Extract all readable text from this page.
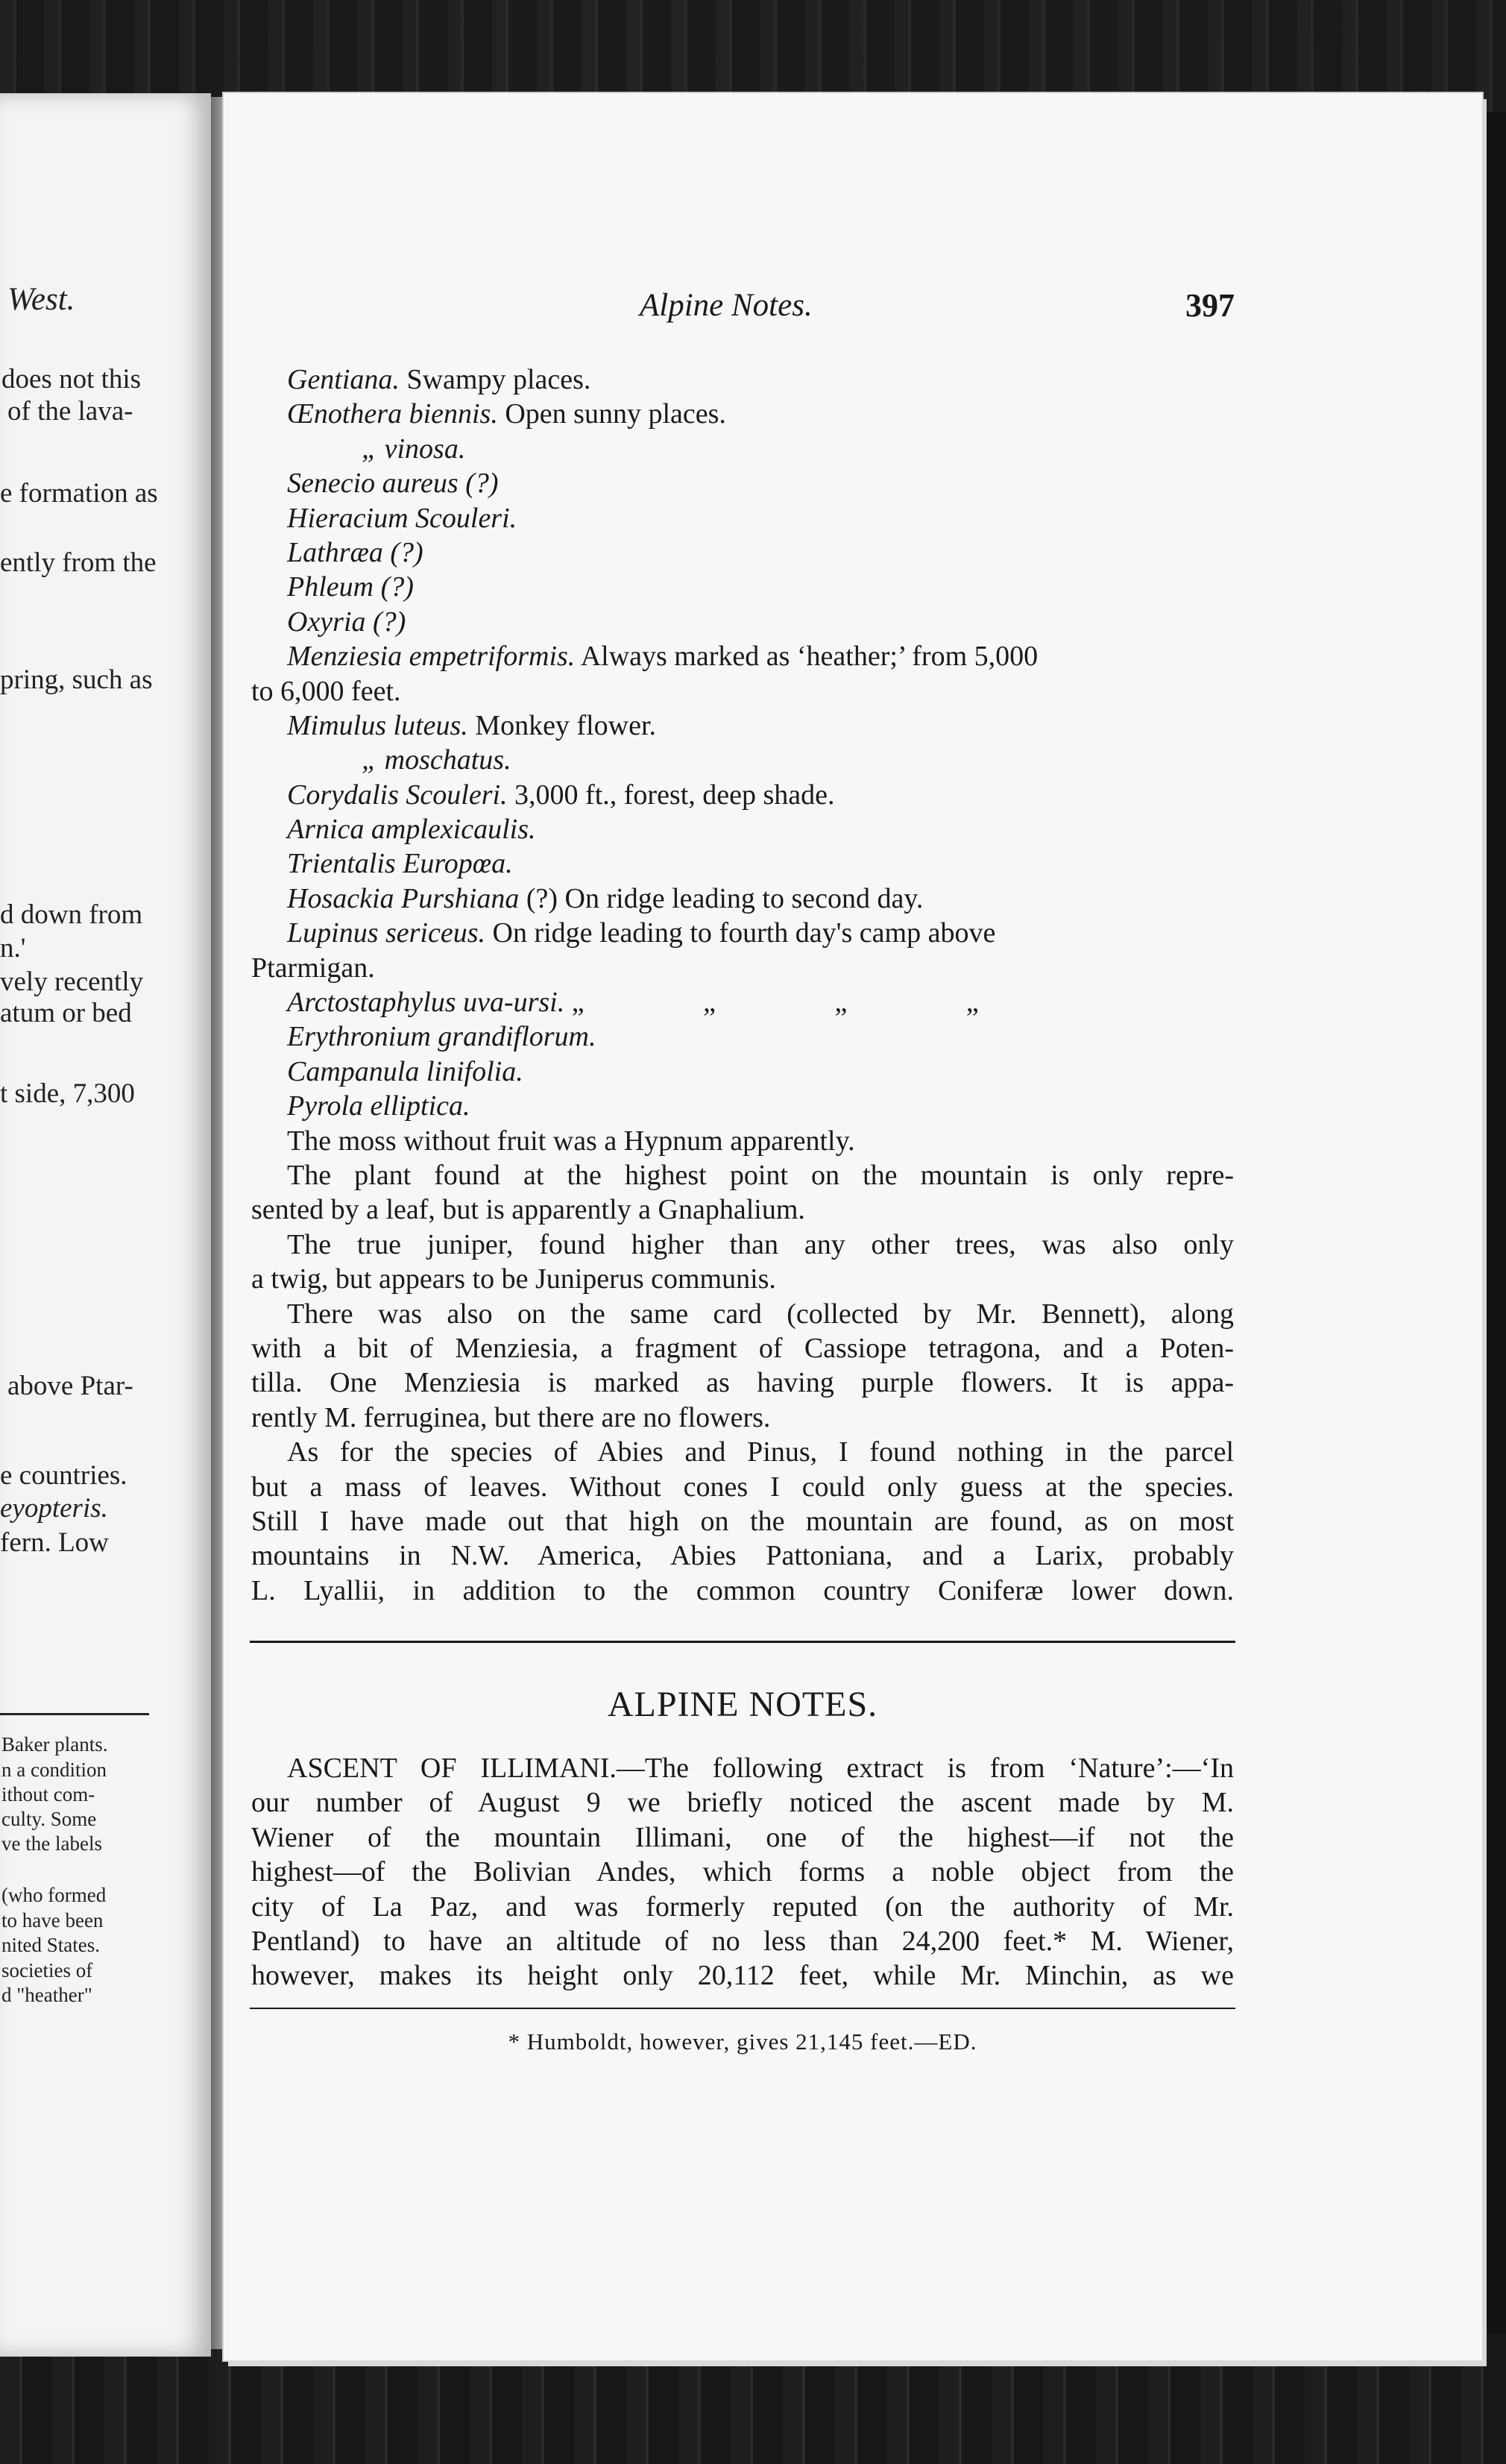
West.
does not this
of the lava-
e formation as
ently from the
pring, such as
d down from
n.'
vely recently
atum or bed
t side, 7,300
above Ptar-
e countries.
eyopteris.
fern. Low
Baker plants.
n a condition
ithout com-
culty. Some
ve the labels
(who formed
to have been
nited States.
societies of
d "heather"
Alpine Notes.	397
Gentiana. Swampy places.
Œnothera biennis. Open sunny places.
„ vinosa.
Senecio aureus (?)
Hieracium Scouleri.
Lathræa (?)
Phleum (?)
Oxyria (?)
Menziesia empetriformis. Always marked as ‘heather;’ from 5,000
to 6,000 feet.
Mimulus luteus. Monkey flower.
„ moschatus.
Corydalis Scouleri. 3,000 ft., forest, deep shade.
Arnica amplexicaulis.
Trientalis Europœa.
Hosackia Purshiana (?) On ridge leading to second day.
Lupinus sericeus. On ridge leading to fourth day's camp above
Ptarmigan.
Arctostaphylus uva-ursi. „ „ „ „
Erythronium grandiflorum.
Campanula linifolia.
Pyrola elliptica.
The moss without fruit was a Hypnum apparently.
The plant found at the highest point on the mountain is only repre-
sented by a leaf, but is apparently a Gnaphalium.
The true juniper, found higher than any other trees, was also only
a twig, but appears to be Juniperus communis.
There was also on the same card (collected by Mr. Bennett), along
with a bit of Menziesia, a fragment of Cassiope tetragona, and a Poten-
tilla. One Menziesia is marked as having purple flowers. It is appa-
rently M. ferruginea, but there are no flowers.
As for the species of Abies and Pinus, I found nothing in the parcel
but a mass of leaves. Without cones I could only guess at the species.
Still I have made out that high on the mountain are found, as on most
mountains in N.W. America, Abies Pattoniana, and a Larix, probably
L. Lyallii, in addition to the common country Coniferæ lower down.
ALPINE NOTES.
ASCENT OF ILLIMANI.—The following extract is from ‘Nature’:—‘In
our number of August 9 we briefly noticed the ascent made by M.
Wiener of the mountain Illimani, one of the highest—if not the
highest—of the Bolivian Andes, which forms a noble object from the
city of La Paz, and was formerly reputed (on the authority of Mr.
Pentland) to have an altitude of no less than 24,200 feet.* M. Wiener,
however, makes its height only 20,112 feet, while Mr. Minchin, as we
* Humboldt, however, gives 21,145 feet.—ED.
